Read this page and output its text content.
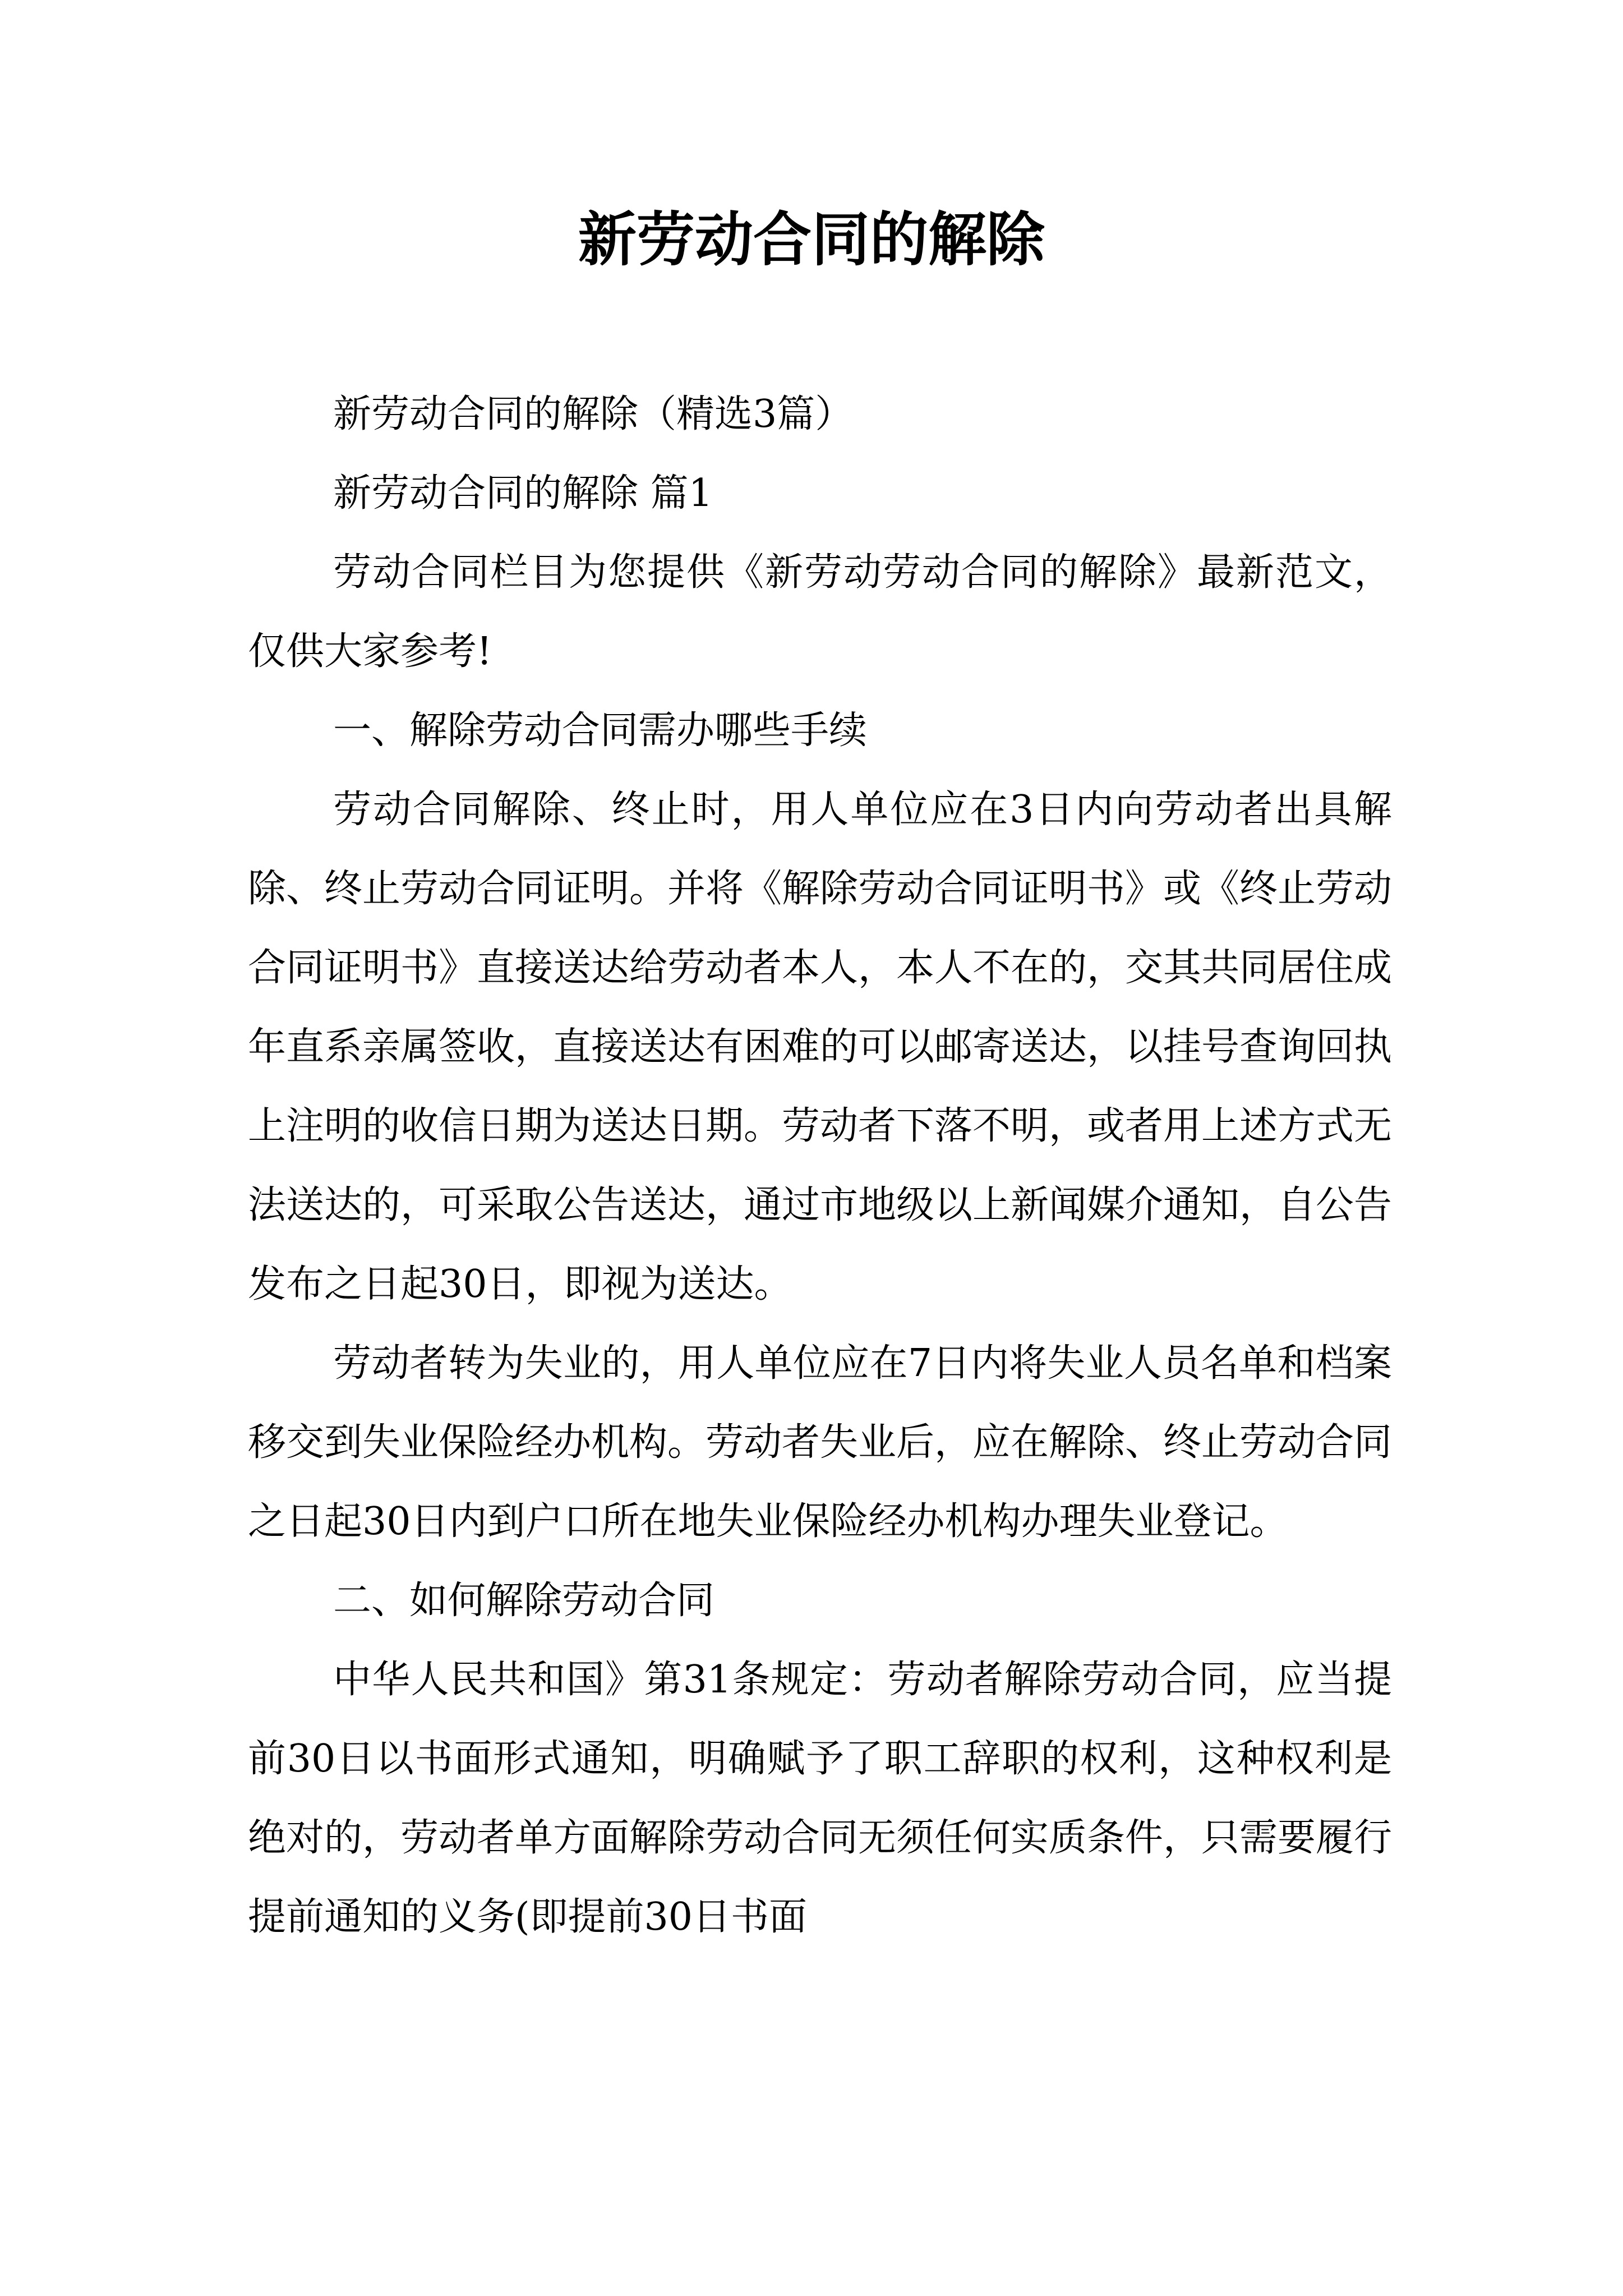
新劳动合同的解除

新劳动合同的解除（精选3篇）

新劳动合同的解除 篇1

劳动合同栏目为您提供《新劳动劳动合同的解除》最新范文，仅供大家参考!

一、解除劳动合同需办哪些手续

劳动合同解除、终止时，用人单位应在3日内向劳动者出具解除、终止劳动合同证明。并将《解除劳动合同证明书》或《终止劳动合同证明书》直接送达给劳动者本人，本人不在的，交其共同居住成年直系亲属签收，直接送达有困难的可以邮寄送达，以挂号查询回执上注明的收信日期为送达日期。劳动者下落不明，或者用上述方式无法送达的，可采取公告送达，通过市地级以上新闻媒介通知，自公告发布之日起30日，即视为送达。

劳动者转为失业的，用人单位应在7日内将失业人员名单和档案移交到失业保险经办机构。劳动者失业后，应在解除、终止劳动合同之日起30日内到户口所在地失业保险经办机构办理失业登记。

二、如何解除劳动合同

中华人民共和国》第31条规定：劳动者解除劳动合同，应当提前30日以书面形式通知，明确赋予了职工辞职的权利，这种权利是绝对的，劳动者单方面解除劳动合同无须任何实质条件，只需要履行提前通知的义务(即提前30日书面
